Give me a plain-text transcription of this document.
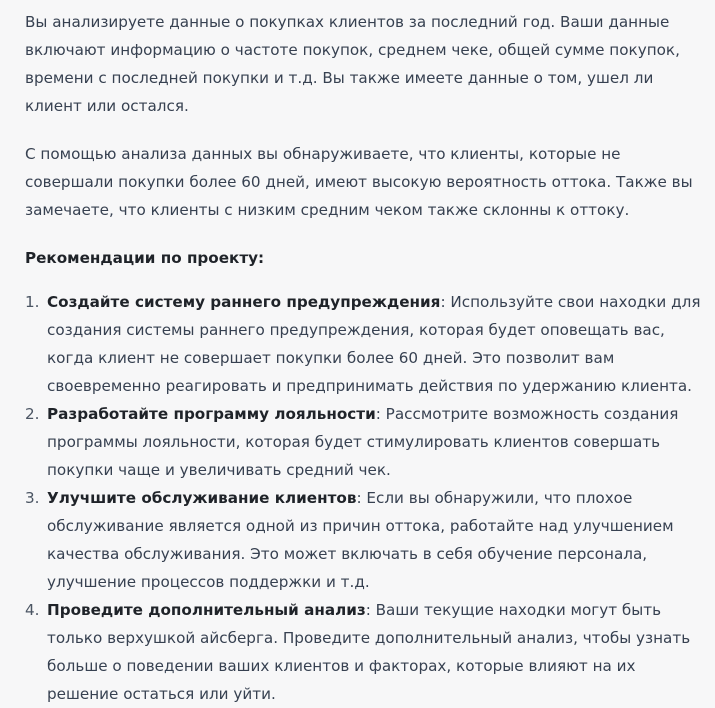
Вы анализируете данные о покупках клиентов за последний год. Ваши данные включают информацию о частоте покупок, среднем чеке, общей сумме покупок, времени с последней покупки и т.д. Вы также имеете данные о том, ушел ли клиент или остался.

С помощью анализа данных вы обнаруживаете, что клиенты, которые не совершали покупки более 60 дней, имеют высокую вероятность оттока. Также вы замечаете, что клиенты с низким средним чеком также склонны к оттоку.

Рекомендации по проекту:

1. Создайте систему раннего предупреждения: Используйте свои находки для создания системы раннего предупреждения, которая будет оповещать вас, когда клиент не совершает покупки более 60 дней. Это позволит вам своевременно реагировать и предпринимать действия по удержанию клиента.
2. Разработайте программу лояльности: Рассмотрите возможность создания программы лояльности, которая будет стимулировать клиентов совершать покупки чаще и увеличивать средний чек.
3. Улучшите обслуживание клиентов: Если вы обнаружили, что плохое обслуживание является одной из причин оттока, работайте над улучшением качества обслуживания. Это может включать в себя обучение персонала, улучшение процессов поддержки и т.д.
4. Проведите дополнительный анализ: Ваши текущие находки могут быть только верхушкой айсберга. Проведите дополнительный анализ, чтобы узнать больше о поведении ваших клиентов и факторах, которые влияют на их решение остаться или уйти.
